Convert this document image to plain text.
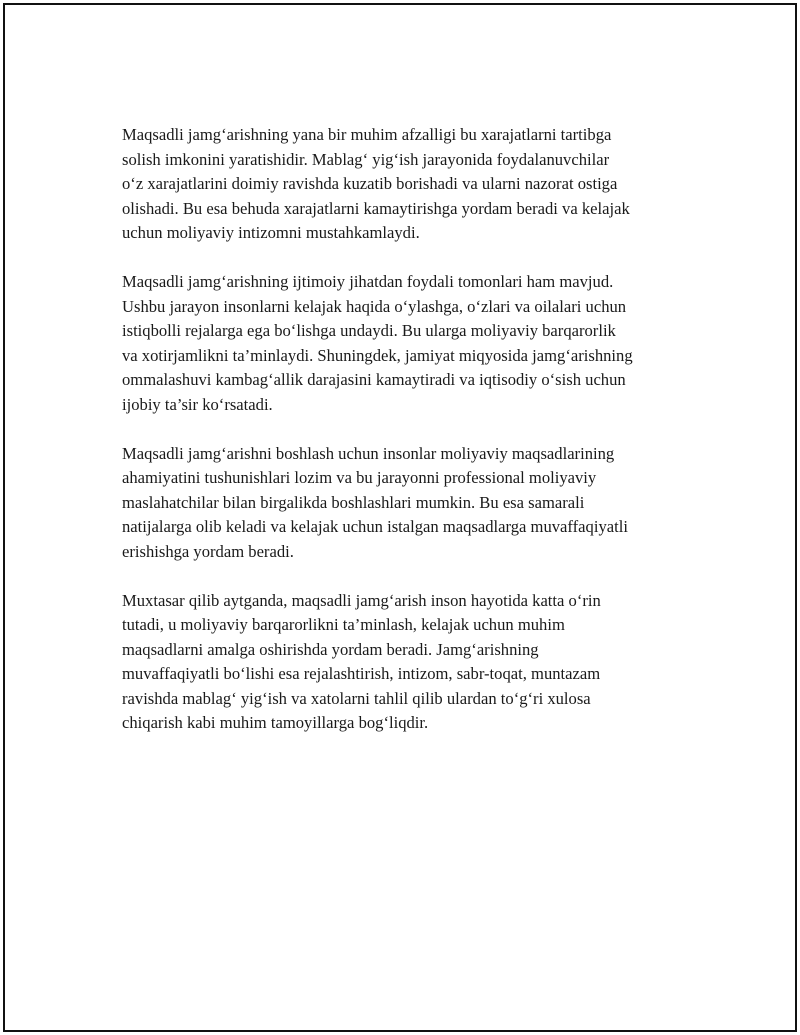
Maqsadli jamg‘arishning yana bir muhim afzalligi bu xarajatlarni tartibga
solish imkonini yaratishidir. Mablag‘ yig‘ish jarayonida foydalanuvchilar
o‘z xarajatlarini doimiy ravishda kuzatib borishadi va ularni nazorat ostiga
olishadi. Bu esa behuda xarajatlarni kamaytirishga yordam beradi va kelajak
uchun moliyaviy intizomni mustahkamlaydi.

Maqsadli jamg‘arishning ijtimoiy jihatdan foydali tomonlari ham mavjud.
Ushbu jarayon insonlarni kelajak haqida o‘ylashga, o‘zlari va oilalari uchun
istiqbolli rejalarga ega bo‘lishga undaydi. Bu ularga moliyaviy barqarorlik
va xotirjamlikni ta’minlaydi. Shuningdek, jamiyat miqyosida jamg‘arishning
ommalashuvi kambag‘allik darajasini kamaytiradi va iqtisodiy o‘sish uchun
ijobiy ta’sir ko‘rsatadi.

Maqsadli jamg‘arishni boshlash uchun insonlar moliyaviy maqsadlarining
ahamiyatini tushunishlari lozim va bu jarayonni professional moliyaviy
maslahatchilar bilan birgalikda boshlashlari mumkin. Bu esa samarali
natijalarga olib keladi va kelajak uchun istalgan maqsadlarga muvaffaqiyatli
erishishga yordam beradi.

Muxtasar qilib aytganda, maqsadli jamg‘arish inson hayotida katta o‘rin
tutadi, u moliyaviy barqarorlikni ta’minlash, kelajak uchun muhim
maqsadlarni amalga oshirishda yordam beradi. Jamg‘arishning
muvaffaqiyatli bo‘lishi esa rejalashtirish, intizom, sabr-toqat, muntazam
ravishda mablag‘ yig‘ish va xatolarni tahlil qilib ulardan to‘g‘ri xulosa
chiqarish kabi muhim tamoyillarga bog‘liqdir.
